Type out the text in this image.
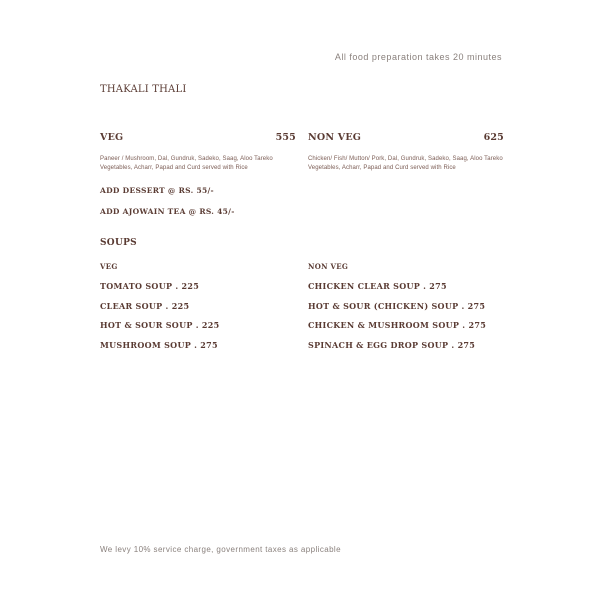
All food preparation takes 20 minutes
THAKALI THALI
VEG	555
Paneer / Mushroom, Dal, Gundruk, Sadeko, Saag, Aloo Tareko Vegetables, Acharr, Papad and Curd served with Rice
NON VEG	625
Chicken/ Fish/ Mutton/ Pork, Dal, Gundruk, Sadeko, Saag, Aloo Tareko Vegetables, Acharr, Papad and Curd served with Rice
ADD DESSERT @ RS. 55/-
ADD AJOWAIN TEA @ RS. 45/-
SOUPS
VEG
TOMATO SOUP . 225
CLEAR SOUP . 225
HOT & SOUR SOUP . 225
MUSHROOM SOUP . 275
NON VEG
CHICKEN CLEAR SOUP . 275
HOT & SOUR (CHICKEN) SOUP . 275
CHICKEN & MUSHROOM SOUP . 275
SPINACH & EGG DROP SOUP . 275
We levy 10% service charge, government taxes as applicable
